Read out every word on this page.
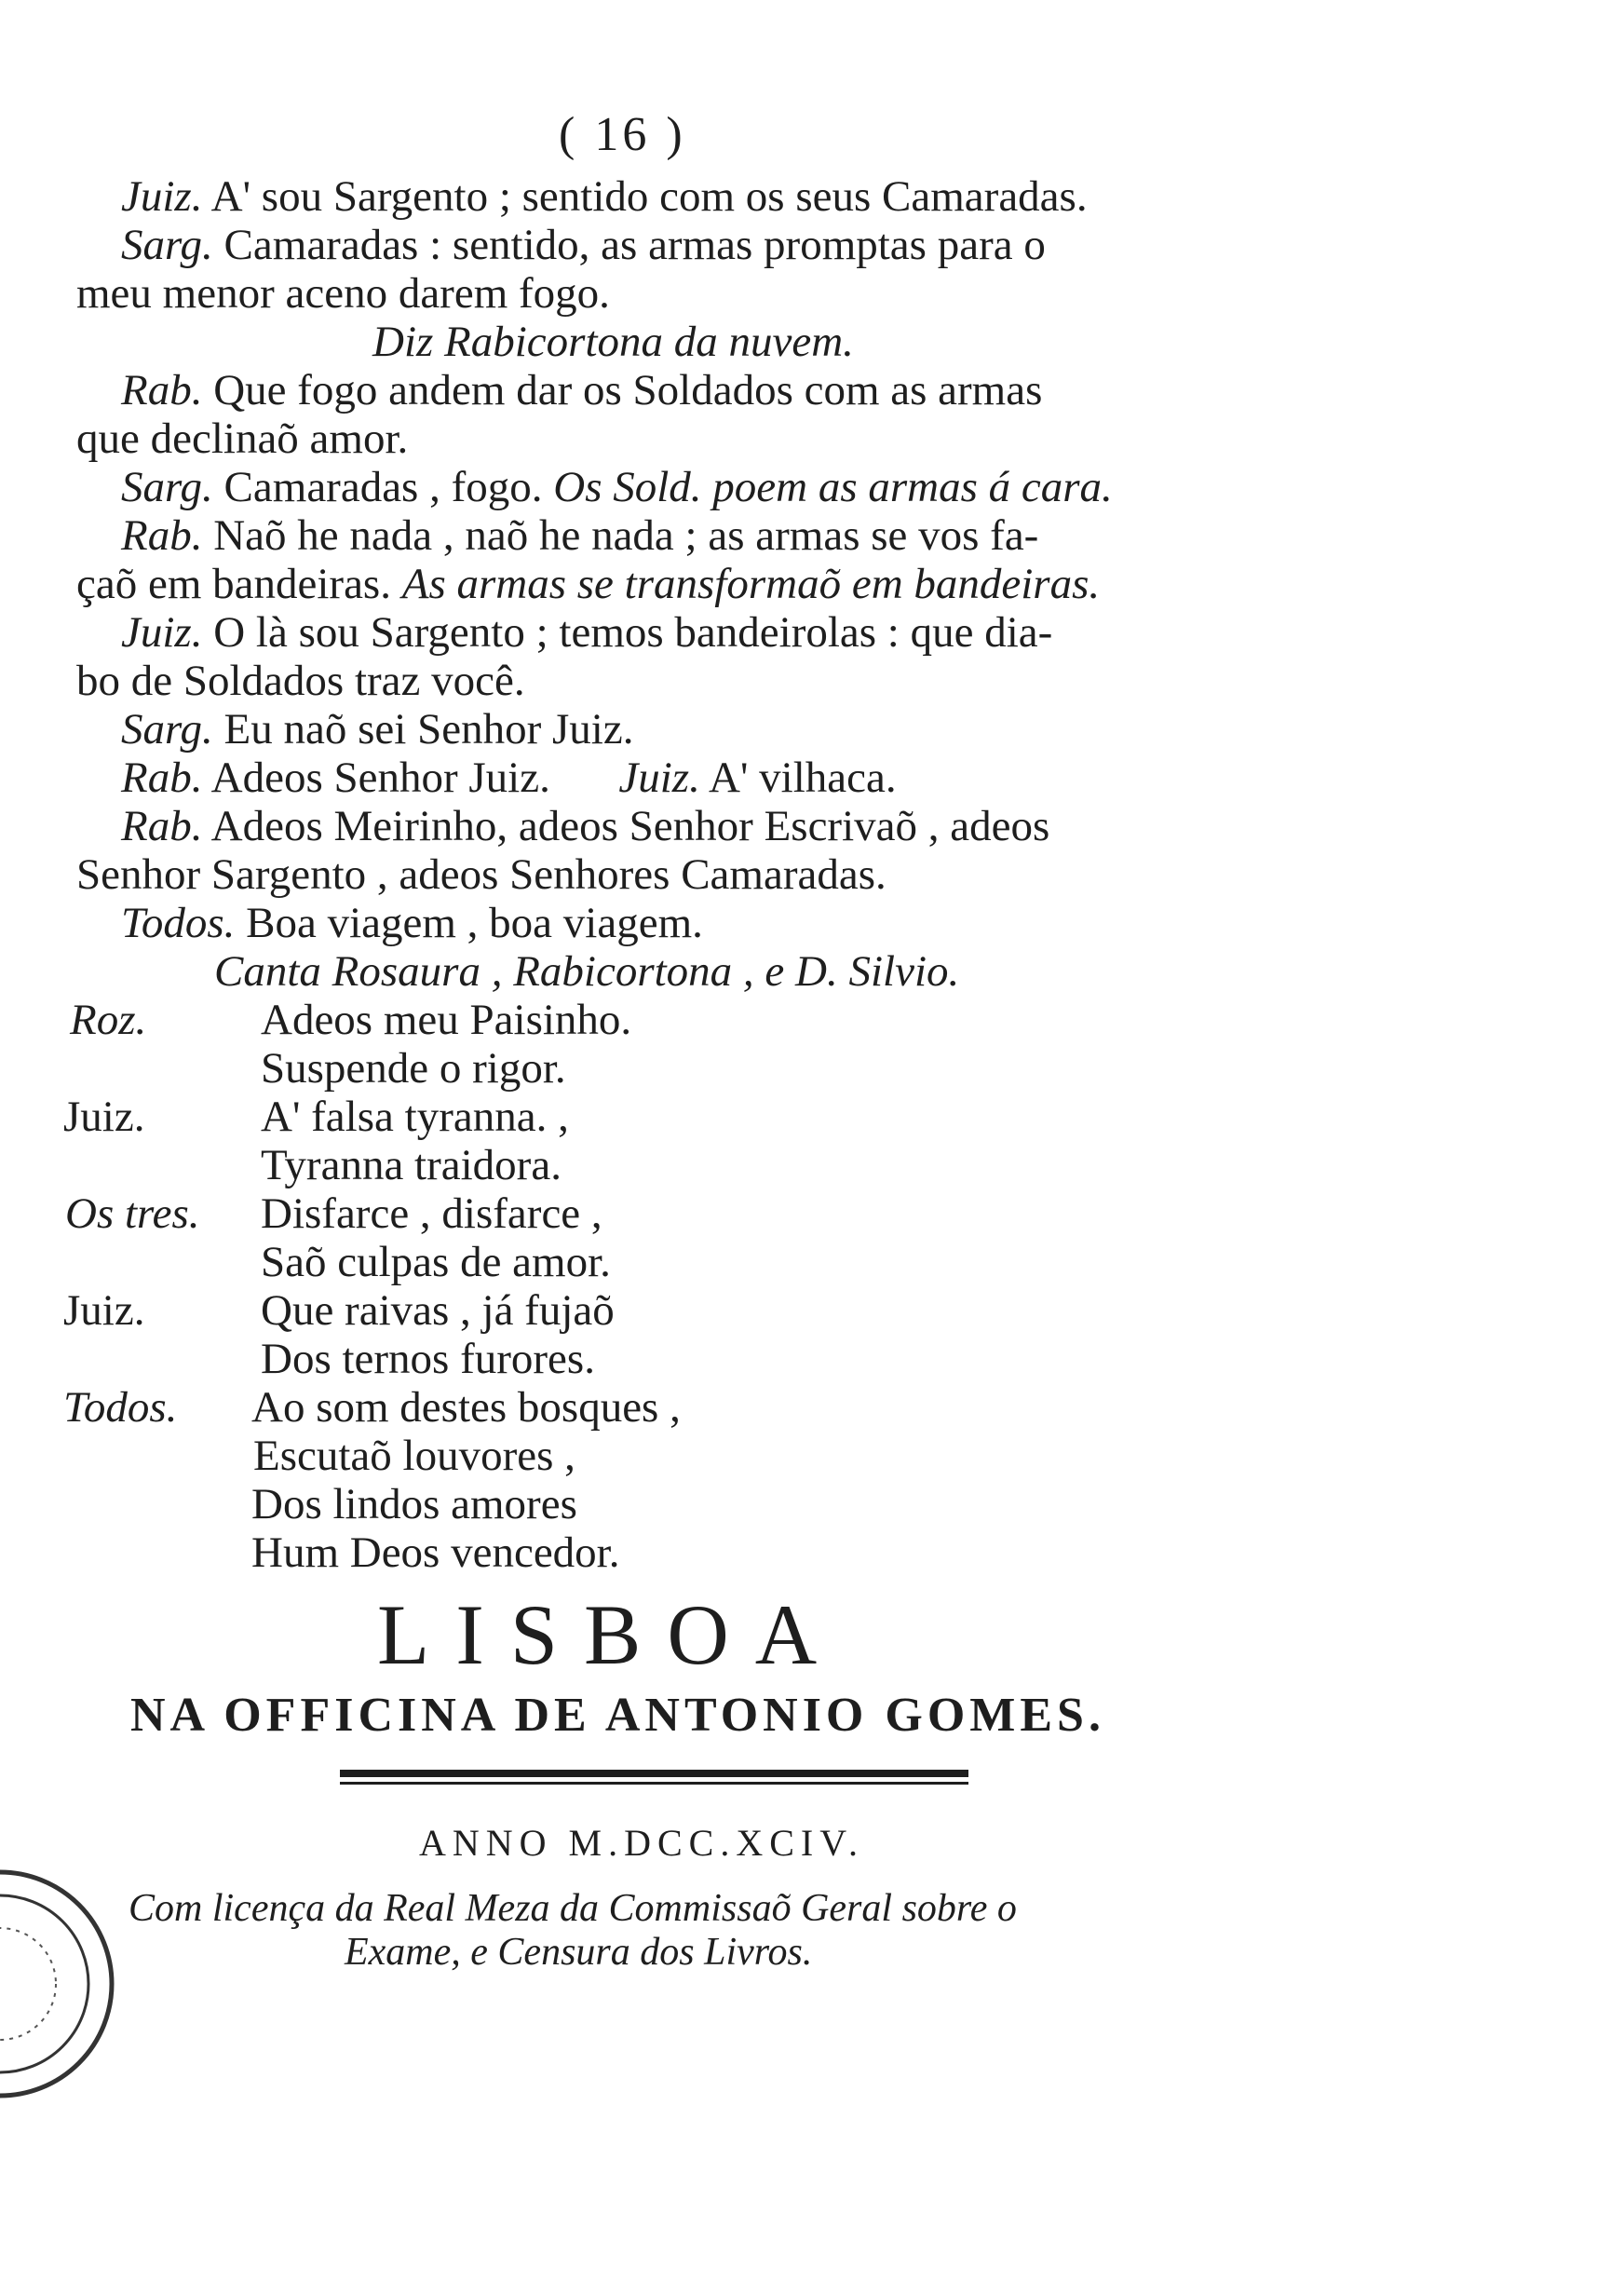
( 16 )
Juiz. A' sou Sargento ; sentido com os seus Camaradas.
Sarg. Camaradas : sentido, as armas promptas para o
meu menor aceno darem fogo.
Diz Rabicortona da nuvem.
Rab. Que fogo andem dar os Soldados com as armas
que declinaõ amor.
Sarg. Camaradas , fogo. Os Sold. poem as armas á cara.
Rab. Naõ he nada , naõ he nada ; as armas se vos fa-
çaõ em bandeiras. As armas se transformaõ em bandeiras.
Juiz. O là sou Sargento ; temos bandeirolas : que dia-
bo de Soldados traz você.
Sarg. Eu naõ sei Senhor Juiz.
Rab. Adeos Senhor Juiz. Juiz. A' vilhaca.
Rab. Adeos Meirinho, adeos Senhor Escrivaõ , adeos
Senhor Sargento , adeos Senhores Camaradas.
Todos. Boa viagem , boa viagem.
Canta Rosaura , Rabicortona , e D. Silvio.
Roz.	Adeos meu Paisinho.
Suspende o rigor.
Juiz.	A' falsa tyranna. ,
Tyranna traidora.
Os tres. Disfarce , disfarce ,
Saõ culpas de amor.
Juiz.	Que raivas , já fujaõ
Dos ternos furores.
Todos. Ao som destes bosques ,
Escutaõ louvores ,
Dos lindos amores
Hum Deos vencedor.
LISBOA
NA OFFICINA DE ANTONIO GOMES.
ANNO M.DCC.XCIV.
Com licença da Real Meza da Commissaõ Geral sobre o
Exame, e Censura dos Livros.
